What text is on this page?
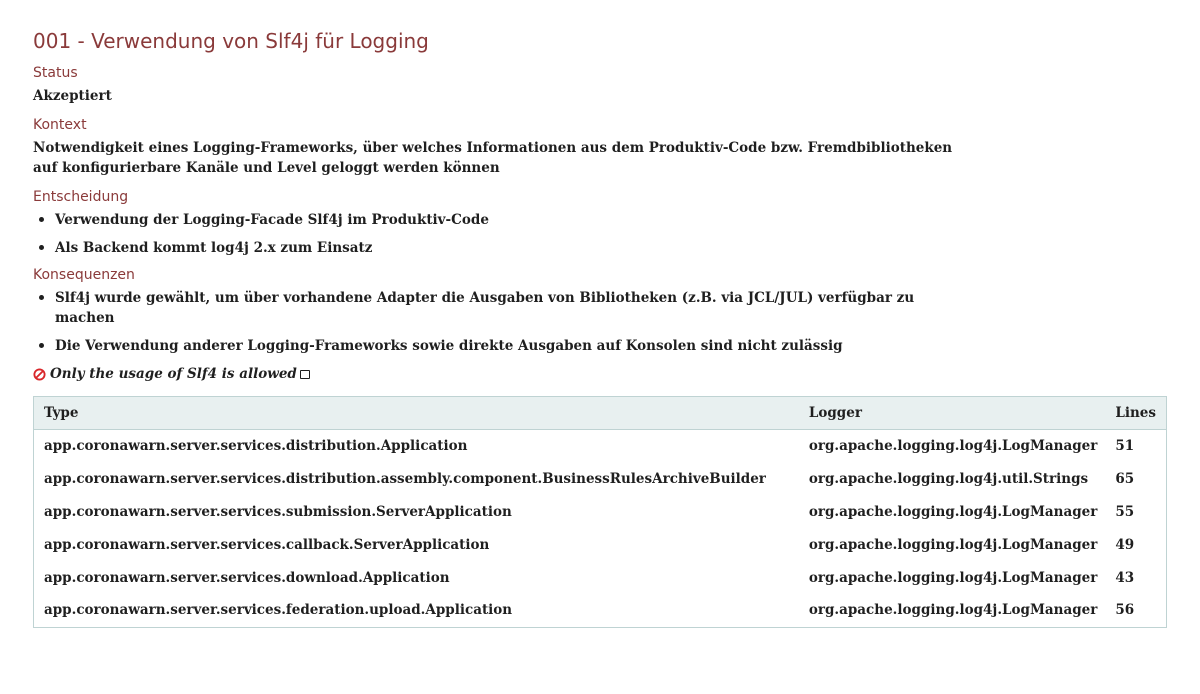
001 - Verwendung von Slf4j für Logging
Status
Akzeptiert
Kontext
Notwendigkeit eines Logging-Frameworks, über welches Informationen aus dem Produktiv-Code bzw. Fremdbibliotheken
auf konfigurierbare Kanäle und Level geloggt werden können
Entscheidung
Verwendung der Logging-Facade Slf4j im Produktiv-Code
Als Backend kommt log4j 2.x zum Einsatz
Konsequenzen
Slf4j wurde gewählt, um über vorhandene Adapter die Ausgaben von Bibliotheken (z.B. via JCL/JUL) verfügbar zu machen
Die Verwendung anderer Logging-Frameworks sowie direkte Ausgaben auf Konsolen sind nicht zulässig
Only the usage of Slf4 is allowed
Type	Logger	Lines
app.coronawarn.server.services.distribution.Application	org.apache.logging.log4j.LogManager	51
app.coronawarn.server.services.distribution.assembly.component.BusinessRulesArchiveBuilder	org.apache.logging.log4j.util.Strings	65
app.coronawarn.server.services.submission.ServerApplication	org.apache.logging.log4j.LogManager	55
app.coronawarn.server.services.callback.ServerApplication	org.apache.logging.log4j.LogManager	49
app.coronawarn.server.services.download.Application	org.apache.logging.log4j.LogManager	43
app.coronawarn.server.services.federation.upload.Application	org.apache.logging.log4j.LogManager	56
